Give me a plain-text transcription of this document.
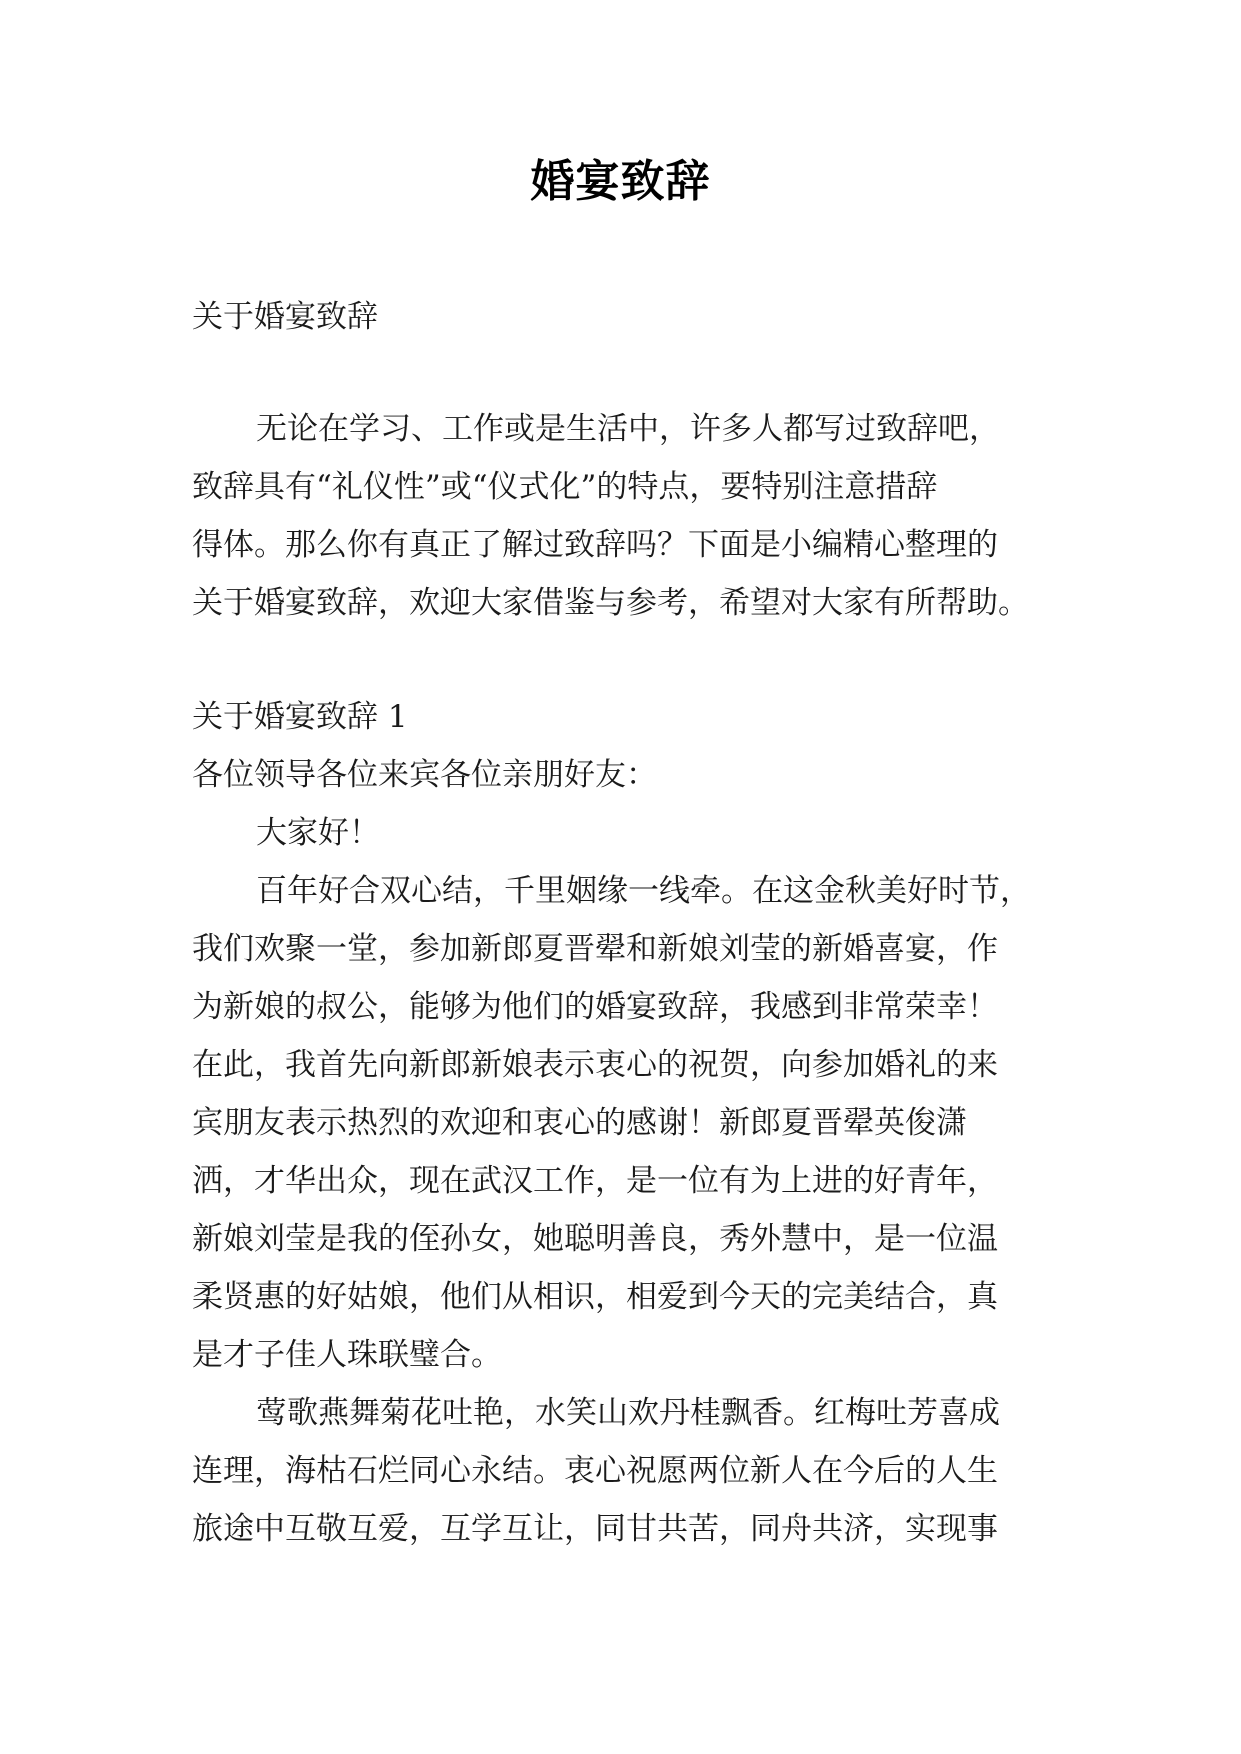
婚宴致辞
关于婚宴致辞
无论在学习、工作或是生活中，许多人都写过致辞吧，
致辞具有“礼仪性”或“仪式化”的特点，要特别注意措辞
得体。那么你有真正了解过致辞吗？下面是小编精心整理的
关于婚宴致辞，欢迎大家借鉴与参考，希望对大家有所帮助。
关于婚宴致辞 1
各位领导各位来宾各位亲朋好友：
大家好！
百年好合双心结，千里姻缘一线牵。在这金秋美好时节，
我们欢聚一堂，参加新郎夏晋翚和新娘刘莹的新婚喜宴，作
为新娘的叔公，能够为他们的婚宴致辞，我感到非常荣幸！
在此，我首先向新郎新娘表示衷心的祝贺，向参加婚礼的来
宾朋友表示热烈的欢迎和衷心的感谢！新郎夏晋翚英俊潇
洒，才华出众，现在武汉工作，是一位有为上进的好青年，
新娘刘莹是我的侄孙女，她聪明善良，秀外慧中，是一位温
柔贤惠的好姑娘，他们从相识，相爱到今天的完美结合，真
是才子佳人珠联璧合。
莺歌燕舞菊花吐艳，水笑山欢丹桂飘香。红梅吐芳喜成
连理，海枯石烂同心永结。衷心祝愿两位新人在今后的人生
旅途中互敬互爱，互学互让，同甘共苦，同舟共济，实现事
